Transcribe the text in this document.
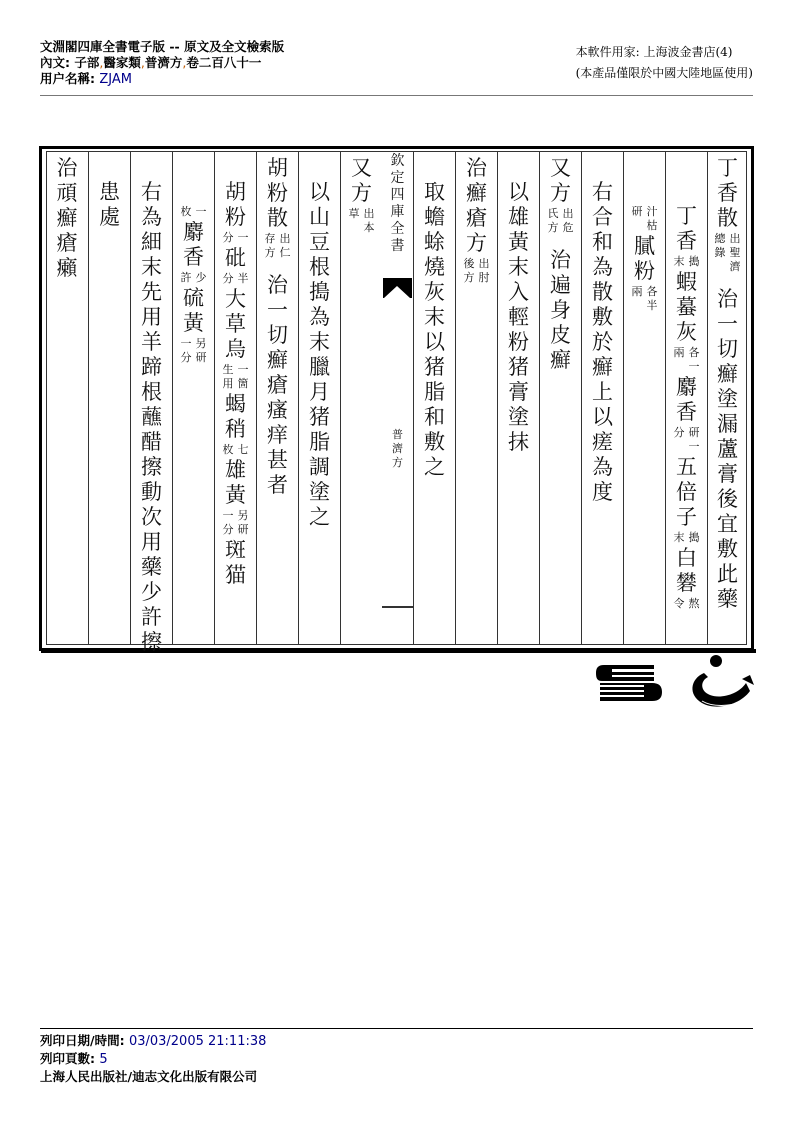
文淵閣四庫全書電子版 -- 原文及全文檢索版
內文: 子部,醫家類,普濟方,卷二百八十一
用户名稱: ZJAM
本軟件用家: 上海波金書店(4)
(本產品僅限於中國大陸地區使用)
丁
香
散
出
聖
濟
總
錄
治
一
切
癬
塗
漏
蘆
膏
後
宜
敷
此
藥
丁
香
搗
末
蝦
蟇
灰
各
一
兩
麝
香
研
一
分
五
倍
子
搗
末
白
礬
熬
令
汁
枯
研
膩
粉
各
半
兩
右
合
和
為
散
敷
於
癬
上
以
瘥
為
度
又
方
出
危
氏
方
治
遍
身
皮
癬
以
雄
黃
末
入
輕
粉
猪
膏
塗
抹
治
癬
瘡
方
出
肘
後
方
取
蟾
蜍
燒
灰
末
以
猪
脂
和
敷
之
又
方
出
本
草
以
山
豆
根
搗
為
末
臘
月
猪
脂
調
塗
之
胡
粉
散
出
仁
存
方
治
一
切
癬
瘡
瘙
痒
甚
者
胡
粉
一
分
砒
半
分
大
草
烏
一
箇
生
用
蝎
稍
七
枚
雄
黃
另
研
一
分
斑
猫
一
枚
麝
香
少
許
硫
黃
另
研
一
分
右
為
細
末
先
用
羊
蹄
根
蘸
醋
擦
動
次
用
藥
少
許
擦
患
處
治
頑
癬
瘡
癩
欽
定
四
庫
全
書
普
濟
方
列印日期/時間: 03/03/2005 21:11:38
列印頁數: 5
上海人民出版社/迪志文化出版有限公司
